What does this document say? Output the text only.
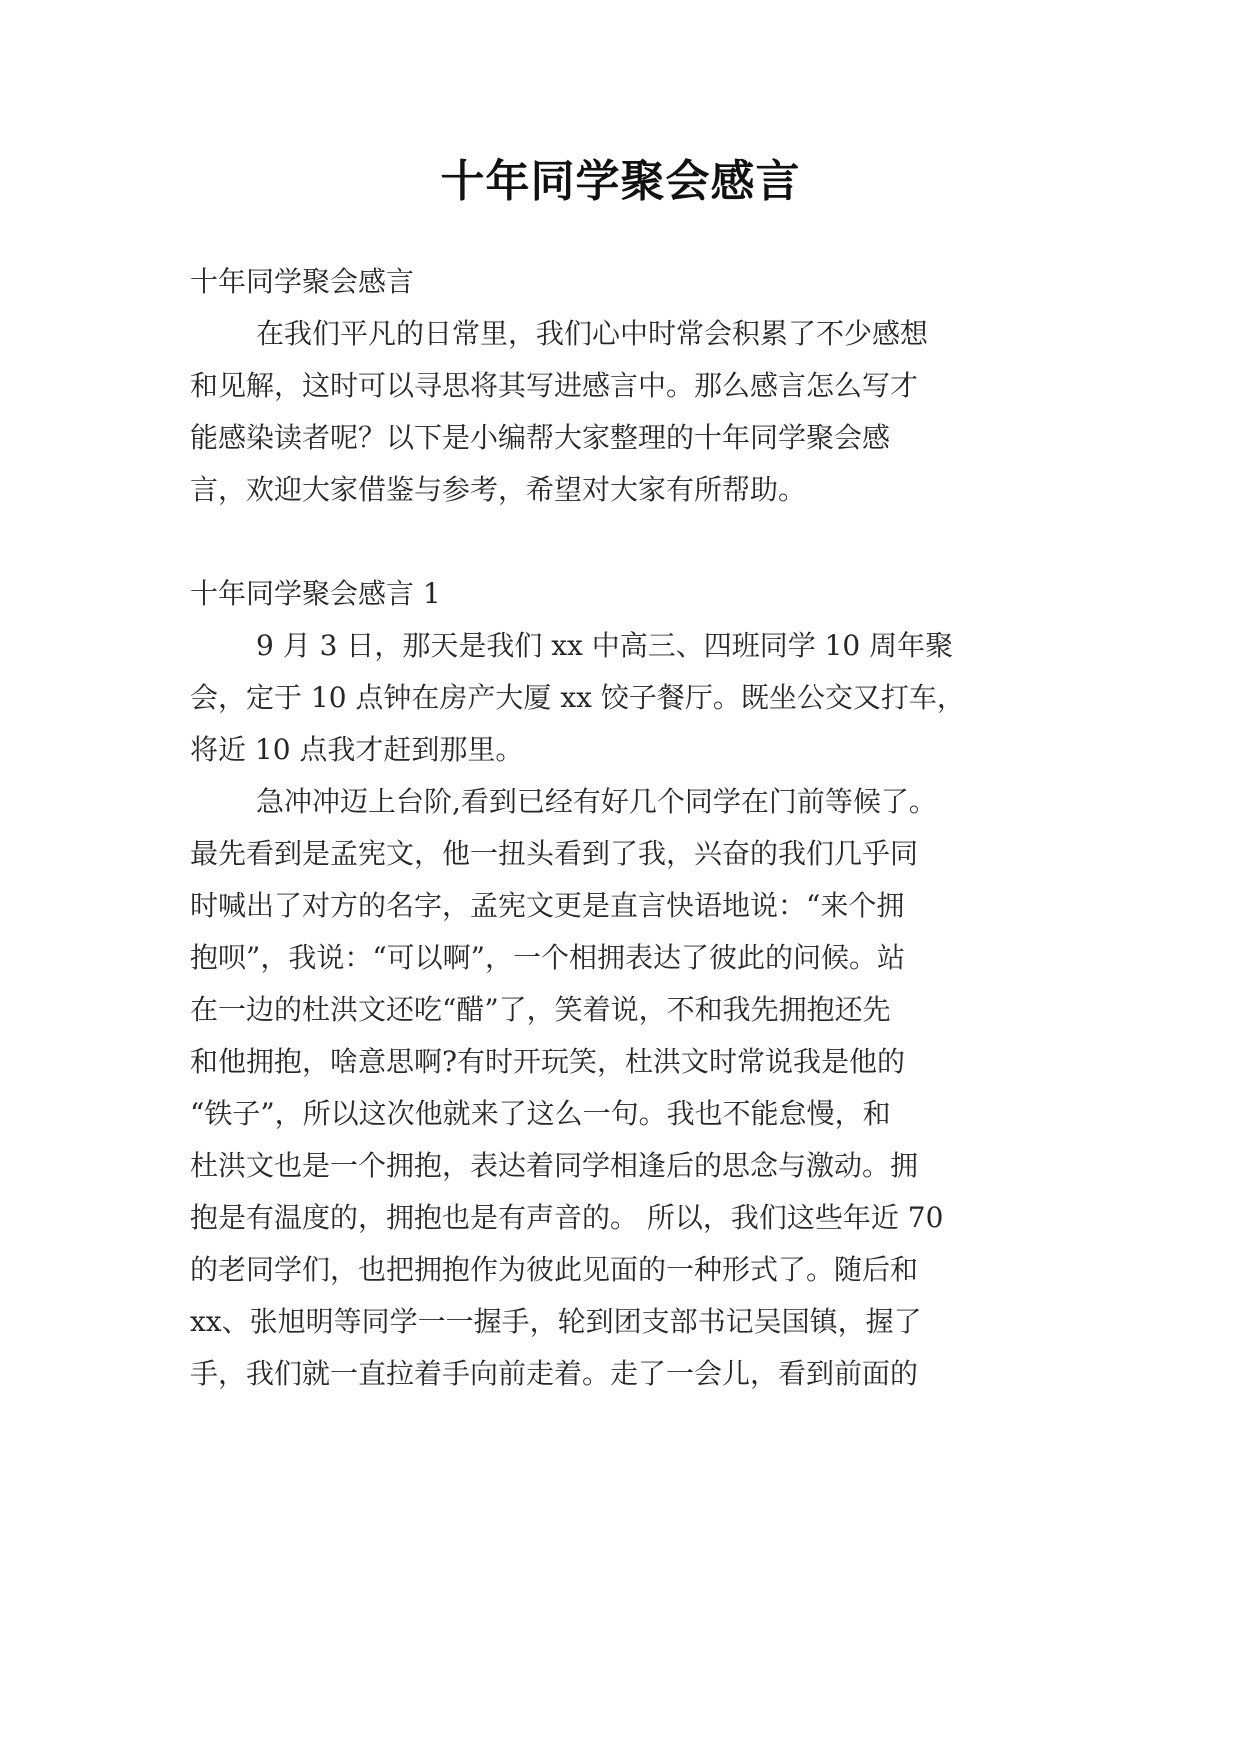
十年同学聚会感言
十年同学聚会感言
在我们平凡的日常里，我们心中时常会积累了不少感想
和见解，这时可以寻思将其写进感言中。那么感言怎么写才
能感染读者呢？以下是小编帮大家整理的十年同学聚会感
言，欢迎大家借鉴与参考，希望对大家有所帮助。
十年同学聚会感言 1
9 月 3 日，那天是我们 xx 中高三、四班同学 10 周年聚
会，定于 10 点钟在房产大厦 xx 饺子餐厅。既坐公交又打车，
将近 10 点我才赶到那里。
急冲冲迈上台阶,看到已经有好几个同学在门前等候了。
最先看到是孟宪文，他一扭头看到了我，兴奋的我们几乎同
时喊出了对方的名字，孟宪文更是直言快语地说：“来个拥
抱呗”，我说：“可以啊”，一个相拥表达了彼此的问候。站
在一边的杜洪文还吃“醋”了，笑着说，不和我先拥抱还先
和他拥抱，啥意思啊?有时开玩笑，杜洪文时常说我是他的
“铁子”，所以这次他就来了这么一句。我也不能怠慢，和
杜洪文也是一个拥抱，表达着同学相逢后的思念与激动。拥
抱是有温度的，拥抱也是有声音的。 所以，我们这些年近 70
的老同学们，也把拥抱作为彼此见面的一种形式了。随后和
xx、张旭明等同学一一握手，轮到团支部书记吴国镇，握了
手，我们就一直拉着手向前走着。走了一会儿，看到前面的
